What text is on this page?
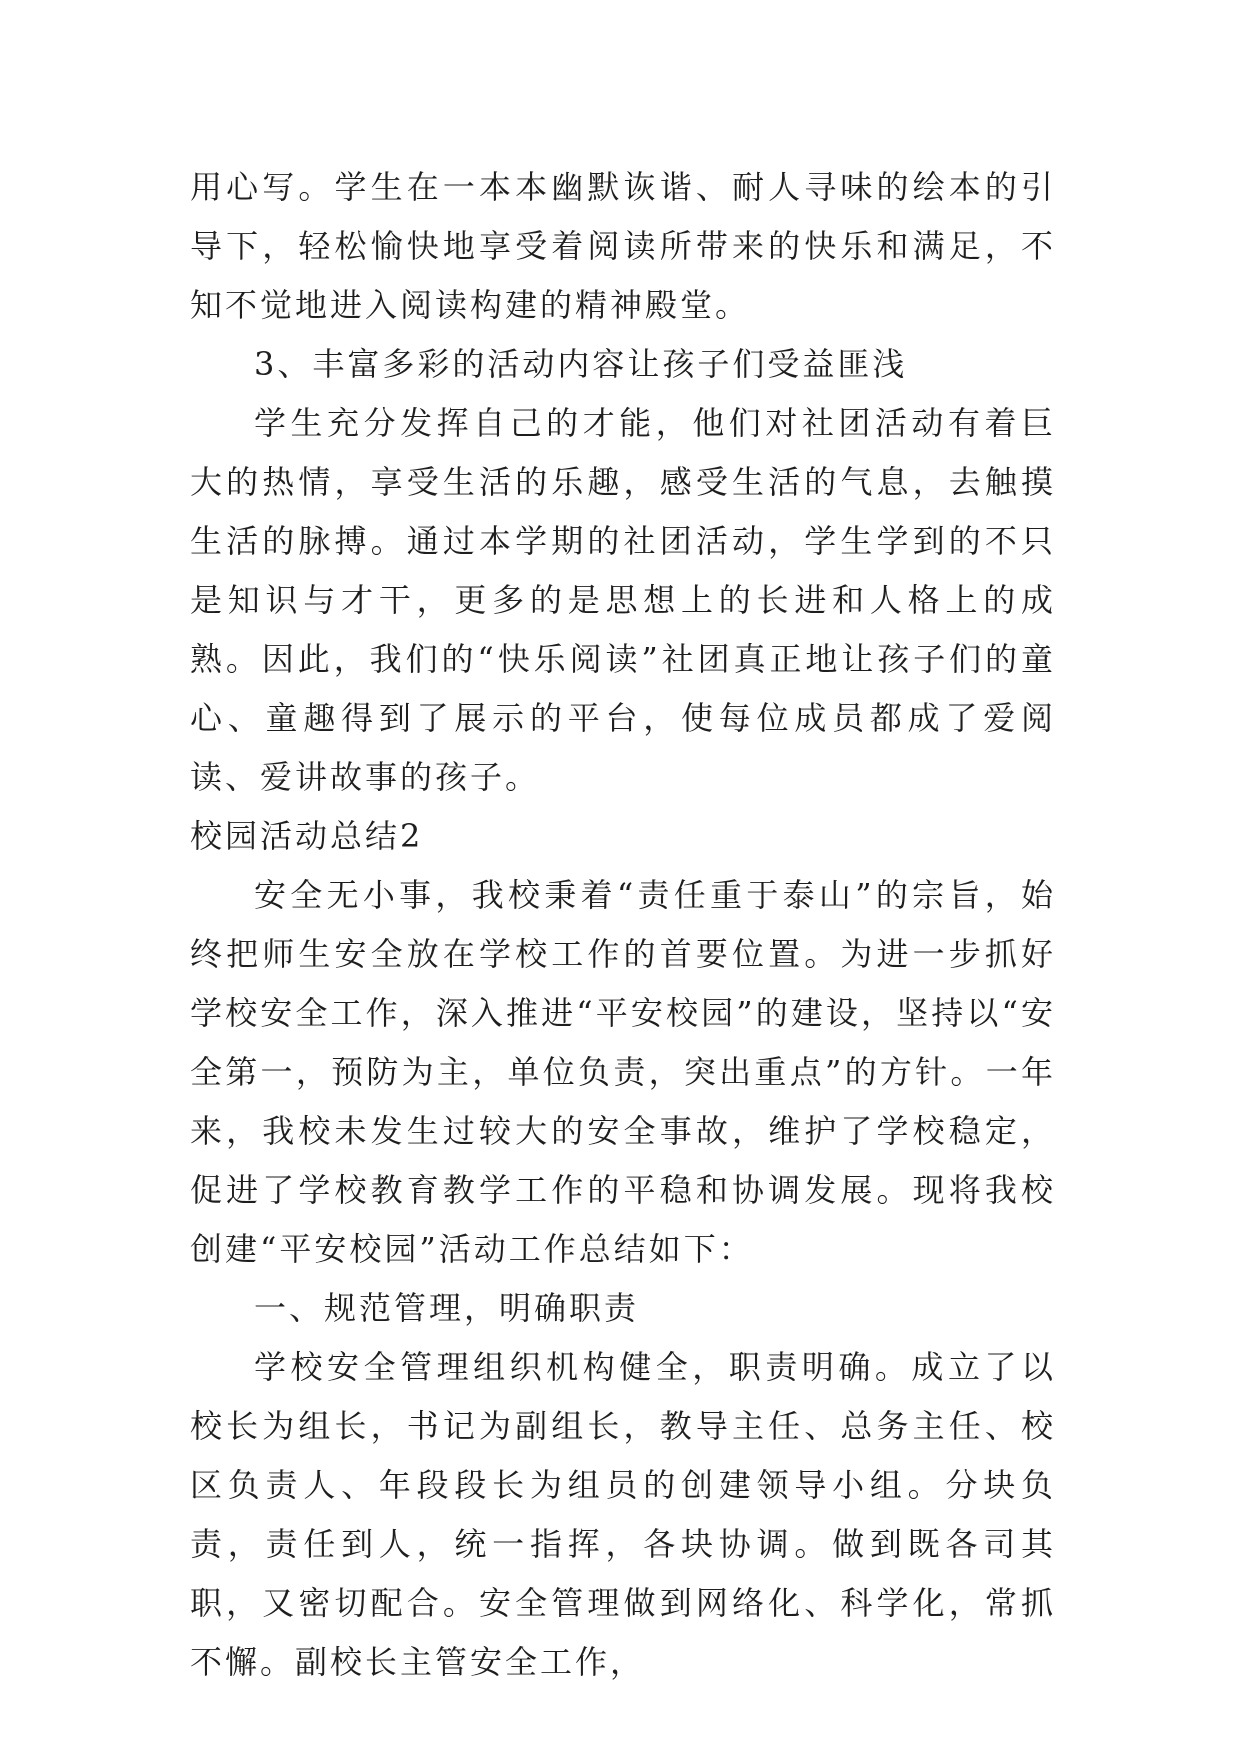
用心写。学生在一本本幽默诙谐、耐人寻味的绘本的引导下，轻松愉快地享受着阅读所带来的快乐和满足，不知不觉地进入阅读构建的精神殿堂。

3、丰富多彩的活动内容让孩子们受益匪浅

学生充分发挥自己的才能，他们对社团活动有着巨大的热情，享受生活的乐趣，感受生活的气息，去触摸生活的脉搏。通过本学期的社团活动，学生学到的不只是知识与才干，更多的是思想上的长进和人格上的成熟。因此，我们的“快乐阅读”社团真正地让孩子们的童心、童趣得到了展示的平台，使每位成员都成了爱阅读、爱讲故事的孩子。

校园活动总结2

安全无小事，我校秉着“责任重于泰山”的宗旨，始终把师生安全放在学校工作的首要位置。为进一步抓好学校安全工作，深入推进“平安校园”的建设，坚持以“安全第一，预防为主，单位负责，突出重点”的方针。一年来，我校未发生过较大的安全事故，维护了学校稳定，促进了学校教育教学工作的平稳和协调发展。现将我校创建“平安校园”活动工作总结如下：

一、规范管理，明确职责

学校安全管理组织机构健全，职责明确。成立了以校长为组长，书记为副组长，教导主任、总务主任、校区负责人、年段段长为组员的创建领导小组。分块负责，责任到人，统一指挥，各块协调。做到既各司其职，又密切配合。安全管理做到网络化、科学化，常抓不懈。副校长主管安全工作，
